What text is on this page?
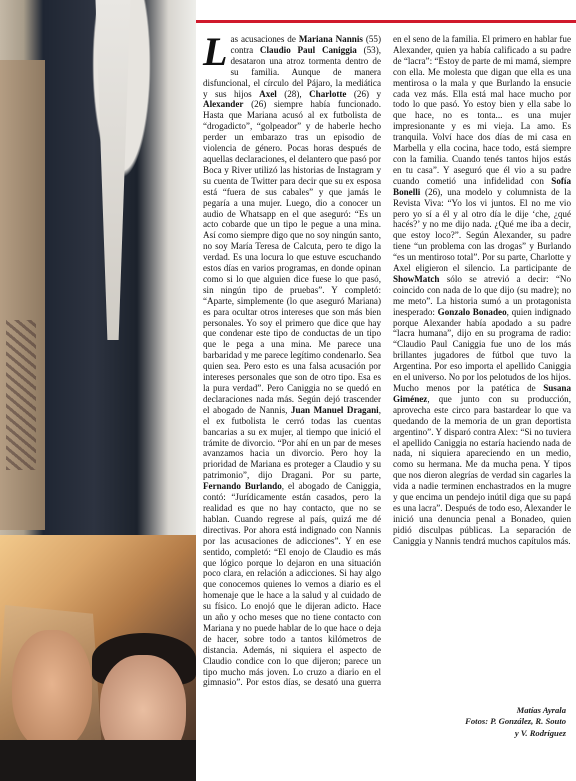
Las acusaciones de Mariana Nannis (55) contra Claudio Paul Caniggia (53), desataron una atroz tormenta dentro de su familia. Aunque de manera disfuncional, el círculo del Pájaro, la mediática y sus hijos Axel (28), Charlotte (26) y Alexander (26) siempre había funcionado. Hasta que Mariana acusó al ex futbolista de “drogadicto”, “golpeador” y de haberle hecho perder un embarazo tras un episodio de violencia de género. Pocas horas después de aquellas declaraciones, el delantero que pasó por Boca y River utilizó las historias de Instagram y su cuenta de Twitter para decir que su ex esposa está “fuera de sus cabales” y que jamás le pegaría a una mujer. Luego, dio a conocer un audio de Whatsapp en el que aseguró: “Es un acto cobarde que un tipo le pegue a una mina. Así como siempre digo que no soy ningún santo, no soy María Teresa de Calcuta, pero te digo la verdad. Es una locura lo que estuve escuchando estos días en varios programas, en donde opinan como si lo que alguien dice fuese lo que pasó, sin ningún tipo de pruebas”. Y completó: “Aparte, simplemente (lo que aseguró Mariana) es para ocultar otros intereses que son más bien personales. Yo soy el primero que dice que hay que condenar este tipo de conductas de un tipo que le pega a una mina. Me parece una barbaridad y me parece legítimo condenarlo. Sea quien sea. Pero esto es una falsa acusación por intereses personales que son de otro tipo. Esa es la pura verdad”. Pero Caniggia no se quedó en declaraciones nada más. Según dejó trascender el abogado de Nannis, Juan Manuel Dragani, el ex futbolista le cerró todas las cuentas bancarias a su ex mujer, al tiempo que inició el trámite de divorcio. “Por ahí en un par de meses avanzamos hacia un divorcio. Pero hoy la prioridad de Mariana es proteger a Claudio y su patrimonio”, dijo Dragani. Por su parte, Fernando Burlando, el abogado de Caniggia, contó: “Jurídicamente están casados, pero la realidad es que no hay contacto, que no se hablan. Cuando regrese al país, quizá me dé directivas. Por ahora está indignado con Nannis por las acusaciones de adicciones”. Y en ese sentido, completó: “El enojo de Claudio es más que lógico porque lo dejaron en una situación poco clara, en relación a adicciones. Si hay algo que conocemos quienes lo vemos a diario es el homenaje que le hace a la salud y al cuidado de su físico. Lo enojó que le dijeran adicto. Hace un año y ocho meses que no tiene contacto con Mariana y no puede hablar de lo que hace o deja de hacer, sobre todo a tantos kilómetros de distancia. Además, ni siquiera el aspecto de Claudio condice con lo que dijeron; parece un tipo mucho más joven. Lo cruzo a diario en el gimnasio”. Por estos días, se desató una guerra en el seno de la familia. El primero en hablar fue Alexander, quien ya había calificado a su padre de “lacra”: “Estoy de parte de mi mamá, siempre con ella. Me molesta que digan que ella es una mentirosa o la mala y que Burlando la ensucie cada vez más. Ella está mal hace mucho por todo lo que pasó. Yo estoy bien y ella sabe lo que hace, no es tonta... es una mujer impresionante y es mi vieja. La amo. Es tranquila. Volví hace dos días de mi casa en Marbella y ella cocina, hace todo, está siempre con la familia. Cuando tenés tantos hijos estás en tu casa”. Y aseguró que él vio a su padre cuando cometió una infidelidad con Sofía Bonelli (26), una modelo y columnista de la Revista Viva: “Yo los vi juntos. El no me vio pero yo sí a él y al otro día le dije ‘che, ¿qué hacés?’ y no me dijo nada. ¿Qué me iba a decir, que estoy loco?”. Según Alexander, su padre tiene “un problema con las drogas” y Burlando “es un mentiroso total”. Por su parte, Charlotte y Axel eligieron el silencio. La participante de ShowMatch sólo se atrevió a decir: “No coincido con nada de lo que dijo (su madre); no me meto”. La historia sumó a un protagonista inesperado: Gonzalo Bonadeo, quien indignado porque Alexander había apodado a su padre “lacra humana”, dijo en su programa de radio: “Claudio Paul Caniggia fue uno de los más brillantes jugadores de fútbol que tuvo la Argentina. Por eso importa el apellido Caniggia en el universo. No por los pelotudos de los hijos. Mucho menos por la patética de Susana Giménez, que junto con su producción, aprovecha este circo para bastardear lo que va quedando de la memoria de un gran deportista argentino”. Y disparó contra Alex: “Si no tuviera el apellido Caniggia no estaría haciendo nada de nada, ni siquiera apareciendo en un medio, como su hermana. Me da mucha pena. Y tipos que nos dieron alegrías de verdad sin cagarles la vida a nadie terminen enchastrados en la mugre y que encima un pendejo inútil diga que su papá es una lacra”. Después de todo eso, Alexander le inició una denuncia penal a Bonadeo, quien pidió disculpas públicas. La separación de Caniggia y Nannis tendrá muchos capítulos más.

Matías Ayrala
Fotos: P. González, R. Souto
y V. Rodríguez
